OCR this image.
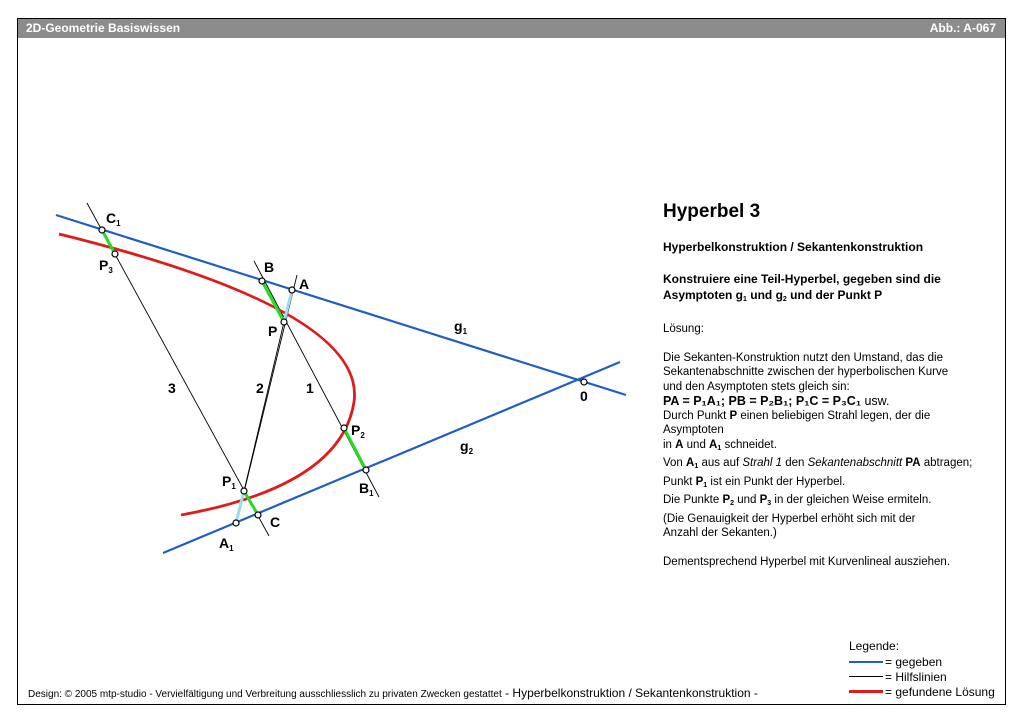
2D-Geometrie Basiswissen	Abb.: A-067
$C_1$
$P_3$	B
A
P	$g_1$
0
$g_2$
$P_2$
$B_1$
$P_1$
C
$A_1$
3	2	1
Hyperbel 3
Hyperbelkonstruktion / Sekantenkonstruktion
Konstruiere eine Teil-Hyperbel, gegeben sind die
Asymptoten $g_1$ und $g_2$ und der Punkt P
Lösung:

Die Sekanten-Konstruktion nutzt den Umstand, das die

Sekantenabschnitte zwischen der hyperbolischen Kurve

und den Asymptoten stets gleich sin:

PA = P₁A₁; PB = P₂B₁; P₁C = P₃C₁ usw.

Durch Punkt P einen beliebigen Strahl legen, der die Asymptoten

in A und $A_1$ schneidet.

Von $A_1$ aus auf Strahl 1 den Sekantenabschnitt PA abtragen;

Punkt $P_1$ ist ein Punkt der Hyperbel.

Die Punkte $P_2$ und $P_3$ in der gleichen Weise ermiteln.

(Die Genauigkeit der Hyperbel erhöht sich mit der

Anzahl der Sekanten.)

Dementsprechend Hyperbel mit Kurvenlineal ausziehen.

Legende:
= gegeben
= Hilfslinien
= gefundene Lösung
Design: © 2005 mtp-studio - Vervielfältigung und Verbreitung ausschliesslich zu privaten Zwecken gestattet - Hyperbelkonstruktion / Sekantenkonstruktion -
